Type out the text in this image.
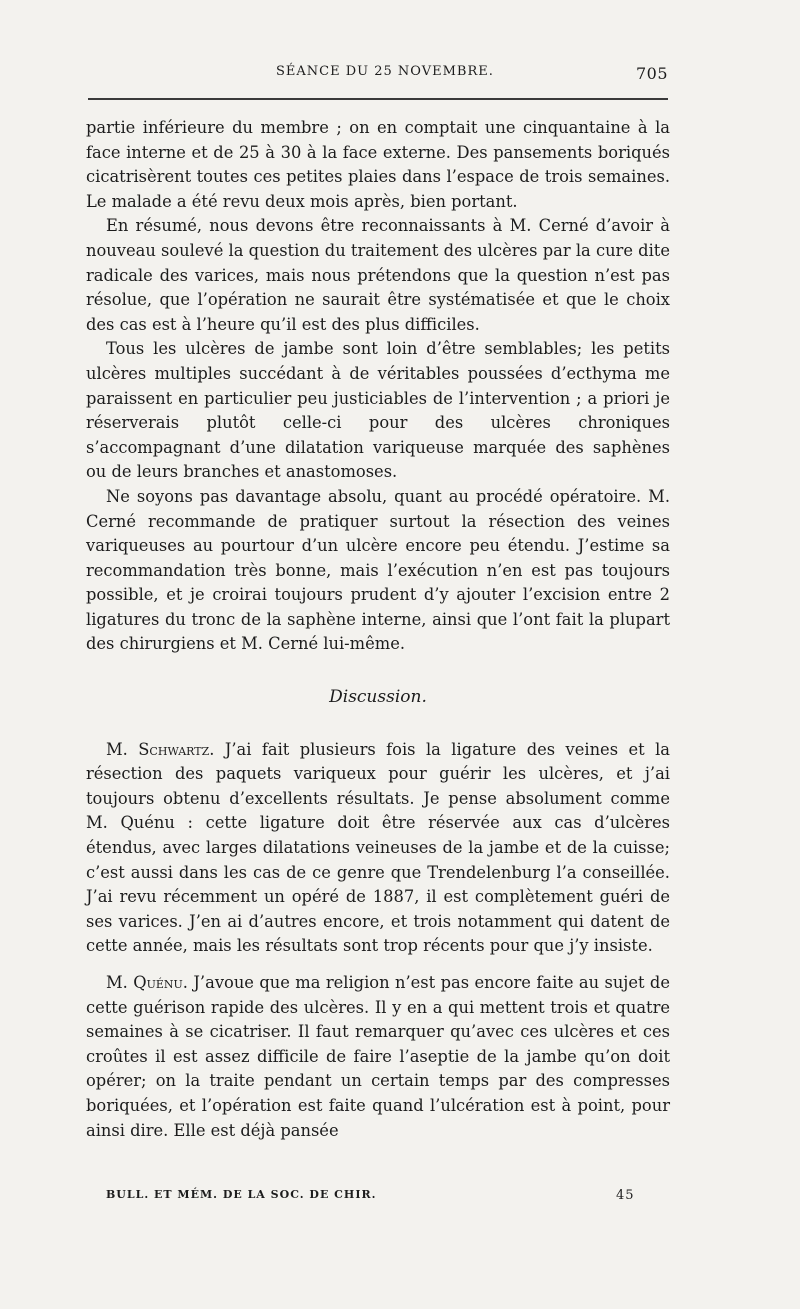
SÉANCE DU 25 NOVEMBRE.	705

partie inférieure du membre ; on en comptait une cinquantaine à la face interne et de 25 à 30 à la face externe. Des pansements boriqués cicatrisèrent toutes ces petites plaies dans l’espace de trois semaines. Le malade a été revu deux mois après, bien portant.

En résumé, nous devons être reconnaissants à M. Cerné d’avoir à nouveau soulevé la question du traitement des ulcères par la cure dite radicale des varices, mais nous prétendons que la question n’est pas résolue, que l’opération ne saurait être systématisée et que le choix des cas est à l’heure qu’il est des plus difficiles.

Tous les ulcères de jambe sont loin d’être semblables; les petits ulcères multiples succédant à de véritables poussées d’ecthyma me paraissent en particulier peu justiciables de l’intervention ; a priori je réserverais plutôt celle-ci pour des ulcères chroniques s’accompagnant d’une dilatation variqueuse marquée des saphènes ou de leurs branches et anastomoses.

Ne soyons pas davantage absolu, quant au procédé opératoire. M. Cerné recommande de pratiquer surtout la résection des veines variqueuses au pourtour d’un ulcère encore peu étendu. J’estime sa recommandation très bonne, mais l’exécution n’en est pas toujours possible, et je croirai toujours prudent d’y ajouter l’excision entre 2 ligatures du tronc de la saphène interne, ainsi que l’ont fait la plupart des chirurgiens et M. Cerné lui-même.

Discussion.

M. Schwartz. J’ai fait plusieurs fois la ligature des veines et la résection des paquets variqueux pour guérir les ulcères, et j’ai toujours obtenu d’excellents résultats. Je pense absolument comme M. Quénu : cette ligature doit être réservée aux cas d’ulcères étendus, avec larges dilatations veineuses de la jambe et de la cuisse; c’est aussi dans les cas de ce genre que Trendelenburg l’a conseillée. J’ai revu récemment un opéré de 1887, il est complètement guéri de ses varices. J’en ai d’autres encore, et trois notamment qui datent de cette année, mais les résultats sont trop récents pour que j’y insiste.

M. Quénu. J’avoue que ma religion n’est pas encore faite au sujet de cette guérison rapide des ulcères. Il y en a qui mettent trois et quatre semaines à se cicatriser. Il faut remarquer qu’avec ces ulcères et ces croûtes il est assez difficile de faire l’aseptie de la jambe qu’on doit opérer; on la traite pendant un certain temps par des compresses boriquées, et l’opération est faite quand l’ulcération est à point, pour ainsi dire. Elle est déjà pansée

BULL. ET MÉM. DE LA SOC. DE CHIR.	45
